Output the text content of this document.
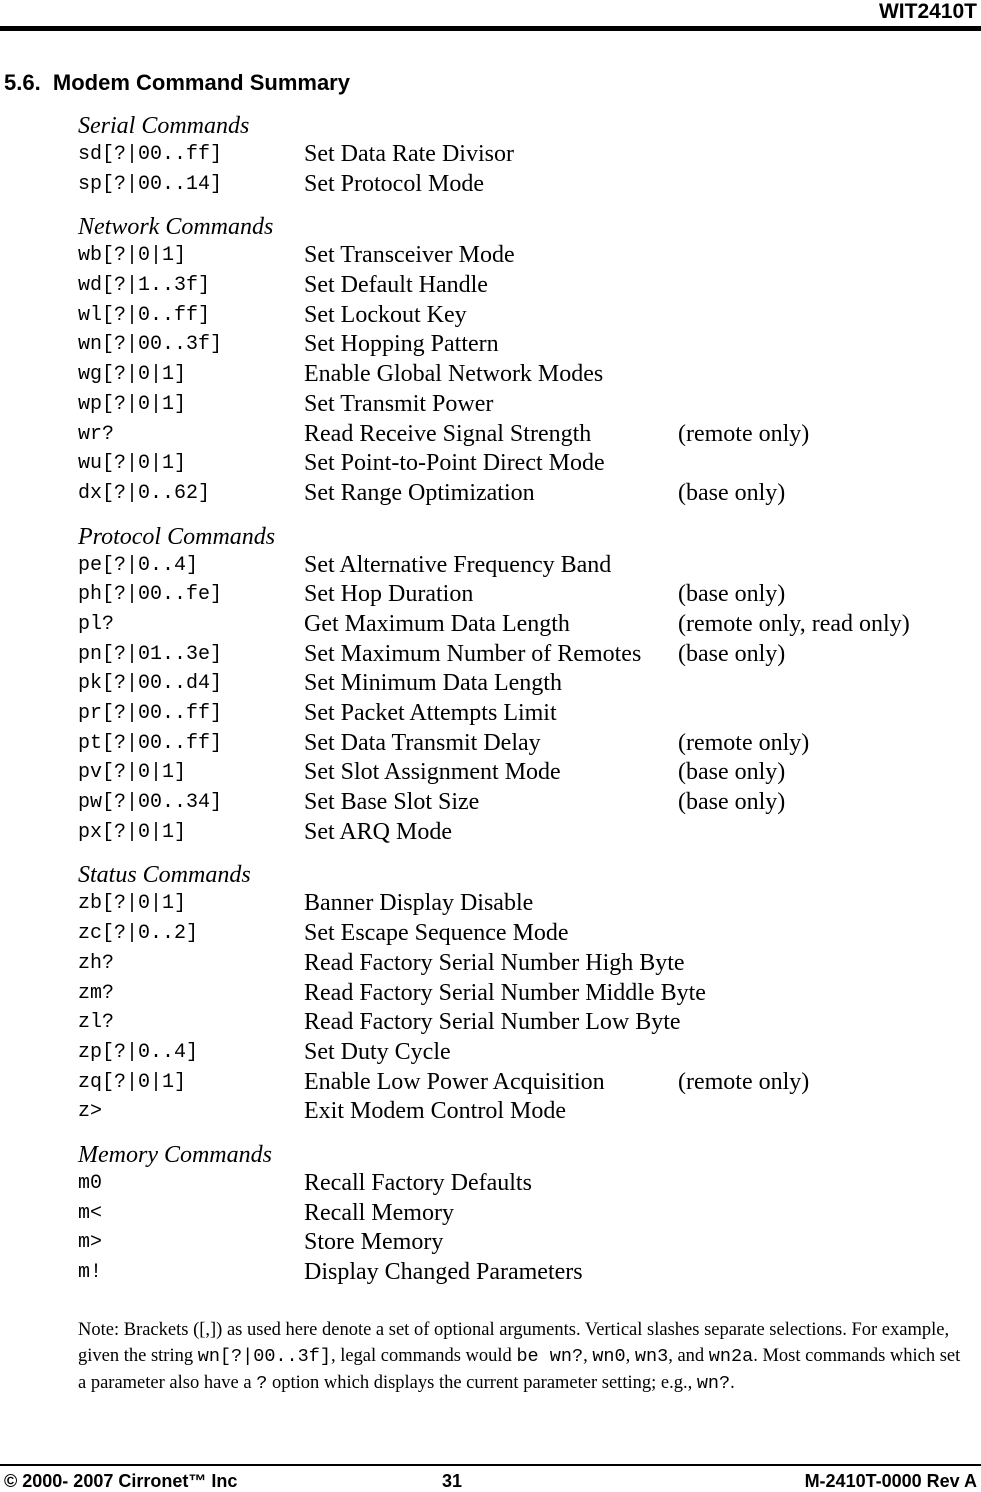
WIT2410T
5.6.  Modem Command Summary
Serial Commands
sd[?|00..ff]	Set Data Rate Divisor
sp[?|00..14]	Set Protocol Mode
Network Commands
wb[?|0|1]	Set Transceiver Mode
wd[?|1..3f]	Set Default Handle
wl[?|0..ff]	Set Lockout Key
wn[?|00..3f]	Set Hopping Pattern
wg[?|0|1]	Enable Global Network Modes
wp[?|0|1]	Set Transmit Power
wr?	Read Receive Signal Strength	(remote only)
wu[?|0|1]	Set Point-to-Point Direct Mode
dx[?|0..62]	Set Range Optimization	(base only)
Protocol Commands
pe[?|0..4]	Set Alternative Frequency Band
ph[?|00..fe]	Set Hop Duration	(base only)
pl?	Get Maximum Data Length	(remote only, read only)
pn[?|01..3e]	Set Maximum Number of Remotes	(base only)
pk[?|00..d4]	Set Minimum Data Length
pr[?|00..ff]	Set Packet Attempts Limit
pt[?|00..ff]	Set Data Transmit Delay	(remote only)
pv[?|0|1]	Set Slot Assignment Mode	(base only)
pw[?|00..34]	Set Base Slot Size	(base only)
px[?|0|1]	Set ARQ Mode
Status Commands
zb[?|0|1]	Banner Display Disable
zc[?|0..2]	Set Escape Sequence Mode
zh?	Read Factory Serial Number High Byte
zm?	Read Factory Serial Number Middle Byte
zl?	Read Factory Serial Number Low Byte
zp[?|0..4]	Set Duty Cycle
zq[?|0|1]	Enable Low Power Acquisition	(remote only)
z>	Exit Modem Control Mode
Memory Commands
m0	Recall Factory Defaults
m<	Recall Memory
m>	Store Memory
m!	Display Changed Parameters
Note: Brackets ([,]) as used here denote a set of optional arguments. Vertical slashes separate selections. For example, given the string wn[?|00..3f], legal commands would be wn?, wn0, wn3, and wn2a. Most commands which set a parameter also have a ? option which displays the current parameter setting; e.g., wn?.
© 2000- 2007 Cirronet™ Inc	31	M-2410T-0000 Rev A
